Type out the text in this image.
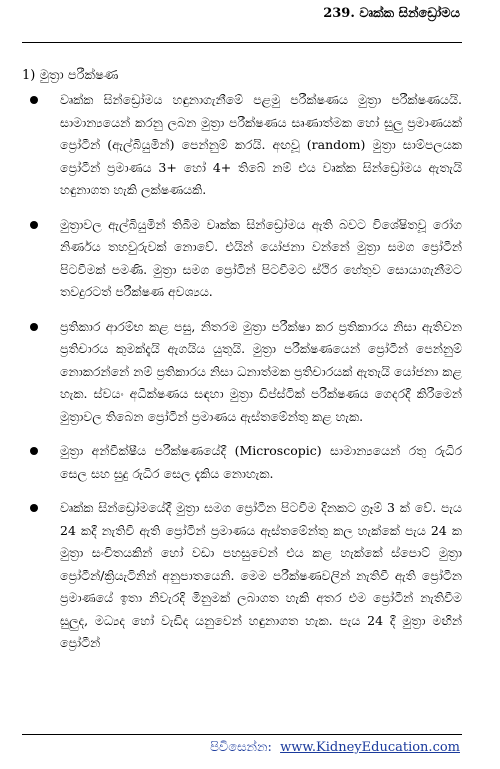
239. වෘක්ක සින්ඩ්‍රෝමය
1) මුත්‍රා පරීක්ෂණ
වෘක්ක සින්ඩ්‍රෝමය හඳුනාගැනීමේ පළමු පරීක්ෂණය මුත්‍රා පරීක්ෂණයයි. සාමාන්‍යයෙන් කරනු ලබන මුත්‍රා පරීක්ෂණය සෘණාත්මක හෝ සුලු ප්‍රමාණයක් ප්‍රෝටීන් (ඇල්බියුමින්) පෙන්නුම් කරයි. අඟවූ (random) මුත්‍රා සාම්පලයක ප්‍රෝටීන් ප්‍රමාණය 3+ හෝ 4+ තිබේ නම් එය වෘක්ක සින්ඩ්‍රෝමය ඇතැයි හඳුනාගත හැකි ලක්ෂණයකි.
මුත්‍රාවල ඇල්බියුමින් තිබීම වෘක්ක සින්ඩ්‍රෝමය ඇති බවට විශේෂිතවූ රෝග නිර්ණය තහවුරුවක් නොවේ. එයින් යෝජනා වන්නේ මුත්‍රා සමග ප්‍රෝටීන් පිටවීමක් පමණි. මුත්‍රා සමග ප්‍රෝටීන් පිටවීමට ස්ථිර හේතුව සොයාගැනීමට තවදුරටත් පරීක්ෂණ අවශ්‍යය.
ප්‍රතිකාර ආරම්භ කළ පසු, නිතරම මුත්‍රා පරීක්ෂා කර ප්‍රතිකාරය නිසා ඇතිවන ප්‍රතිචාරය කුමක්දැයි ඇගයිය යුතුයි. මුත්‍රා පරීක්ෂණයෙන් ප්‍රෝටීන් පෙන්නුම් නොකරන්නේ නම් ප්‍රතිකාරය නිසා ධනාත්මක ප්‍රතිචාරයක් ඇතැයි යෝජනා කළ හැක. ස්වයං අධීක්ෂණය සඳහා මුත්‍රා ඩිප්ස්ටික් පරීක්ෂණය ගෙදරදී කිරීමෙන් මුත්‍රාවල තිබෙන ප්‍රෝටීන් ප්‍රමාණය ඇස්තමේන්තු කළ හැක.
මුත්‍රා අන්වීක්ෂීය පරීක්ෂණයේදී (Microscopic) සාමාන්‍යයෙන් රතු රුධිර සෙල සහ සුදු රුධිර සෙල දැකිය නොහැක.
වෘක්ක සින්ඩ්‍රෝමයේදී මුත්‍රා සමග ප්‍රෝටීන පිටවීම දිනකට ග්‍රෑම් 3 ක් වේ. පැය 24 කදී නැතිවී ඇති ප්‍රෝටීන් ප්‍රමාණය ඇස්තමේන්තු කල හැක්කේ පැය 24 ක මුත්‍රා සංචිතයකින් හෝ වඩා පහසුවෙන් එය කළ හැක්කේ ස්පොට් මුත්‍රා ප්‍රෝටීන්/ක්‍රියැටිනින් අනුපාතයෙනි. මෙම පරීක්ෂණවලින් නැතිවී ඇති ප්‍රෝටීන ප්‍රමාණයේ ඉතා නිවැරදි මිනුමක් ලබාගත හැකි අතර එම ප්‍රෝටීන් නැතිවීම සුලුද, මධ්‍යද හෝ වැඩිද යනුවෙන් හඳුනාගත හැක. පැය 24 දී මුත්‍රා මඟින් ප්‍රෝටීන්
පිවිසෙන්න: www.KidneyEducation.com
